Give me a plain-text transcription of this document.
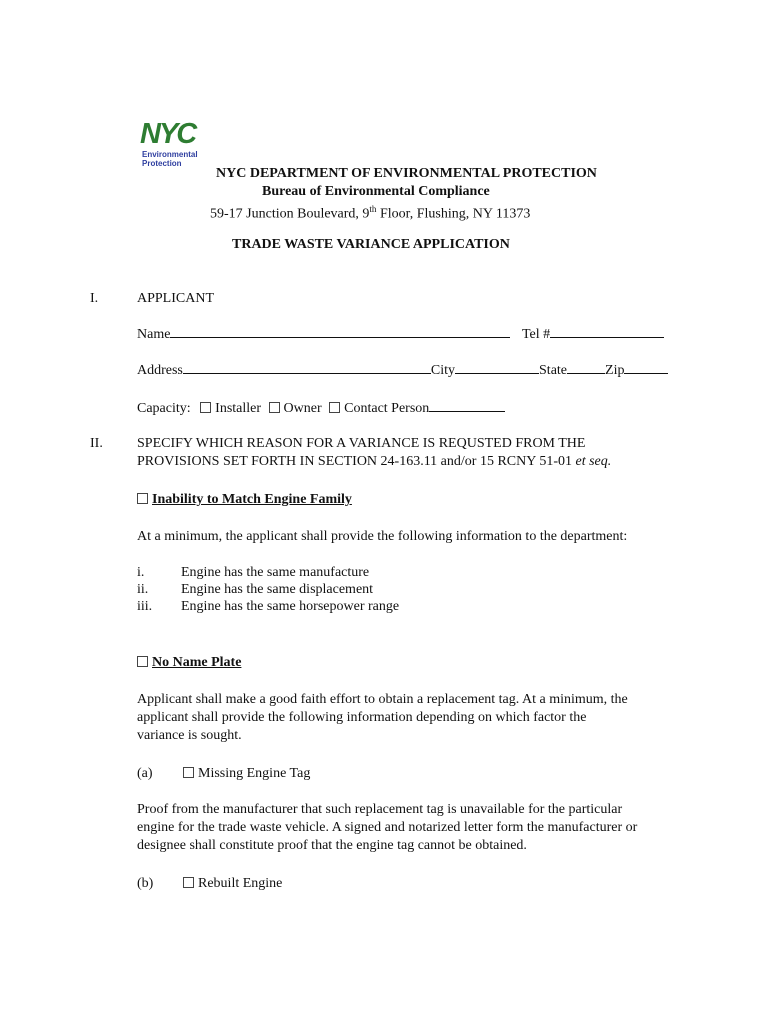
NYC
Environmental
Protection
NYC DEPARTMENT OF ENVIRONMENTAL PROTECTION
Bureau of Environmental Compliance
59-17 Junction Boulevard, 9th Floor, Flushing, NY 11373
TRADE WASTE VARIANCE APPLICATION
I.	APPLICANT
Name	Tel #
Address	City	State	Zip
Capacity: Installer Owner Contact Person
II. SPECIFY WHICH REASON FOR A VARIANCE IS REQUSTED FROM THE
PROVISIONS SET FORTH IN SECTION 24-163.11 and/or 15 RCNY 51-01 et seq.
Inability to Match Engine Family
At a minimum, the applicant shall provide the following information to the department:
i.	Engine has the same manufacture
ii. Engine has the same displacement
iii. Engine has the same horsepower range
No Name Plate
Applicant shall make a good faith effort to obtain a replacement tag. At a minimum, the
applicant shall provide the following information depending on which factor the
variance is sought.
(a)	Missing Engine Tag
Proof from the manufacturer that such replacement tag is unavailable for the particular
engine for the trade waste vehicle. A signed and notarized letter form the manufacturer or
designee shall constitute proof that the engine tag cannot be obtained.
(b)	Rebuilt Engine
